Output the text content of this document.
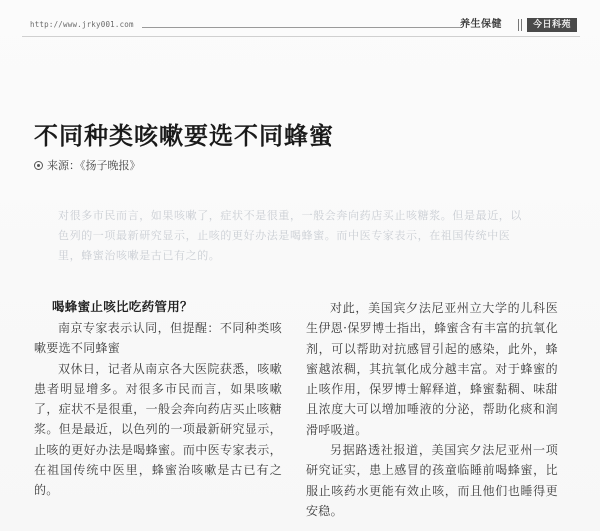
http://www.jrky001.com	养生保健	今日科苑
不同种类咳嗽要选不同蜂蜜
来源：《扬子晚报》
对很多市民而言，如果咳嗽了，症状不是很重，一般会奔向药店买止咳糖浆。但是最近，以色列的一项最新研究显示，止咳的更好办法是喝蜂蜜。而中医专家表示，在祖国传统中医里，蜂蜜治咳嗽是古已有之的。
喝蜂蜜止咳比吃药管用？

南京专家表示认同，但提醒：不同种类咳嗽要选不同蜂蜜

双休日，记者从南京各大医院获悉，咳嗽患者明显增多。对很多市民而言，如果咳嗽了，症状不是很重，一般会奔向药店买止咳糖浆。但是最近，以色列的一项最新研究显示，止咳的更好办法是喝蜂蜜。而中医专家表示，在祖国传统中医里，蜂蜜治咳嗽是古已有之的。

对此，美国宾夕法尼亚州立大学的儿科医生伊恩·保罗博士指出，蜂蜜含有丰富的抗氧化剂，可以帮助对抗感冒引起的感染，此外，蜂蜜越浓稠，其抗氧化成分越丰富。对于蜂蜜的止咳作用，保罗博士解释道，蜂蜜黏稠、味甜且浓度大可以增加唾液的分泌，帮助化痰和润滑呼吸道。

另据路透社报道，美国宾夕法尼亚州一项研究证实，患上感冒的孩童临睡前喝蜂蜜，比服止咳药水更能有效止咳，而且他们也睡得更安稳。
